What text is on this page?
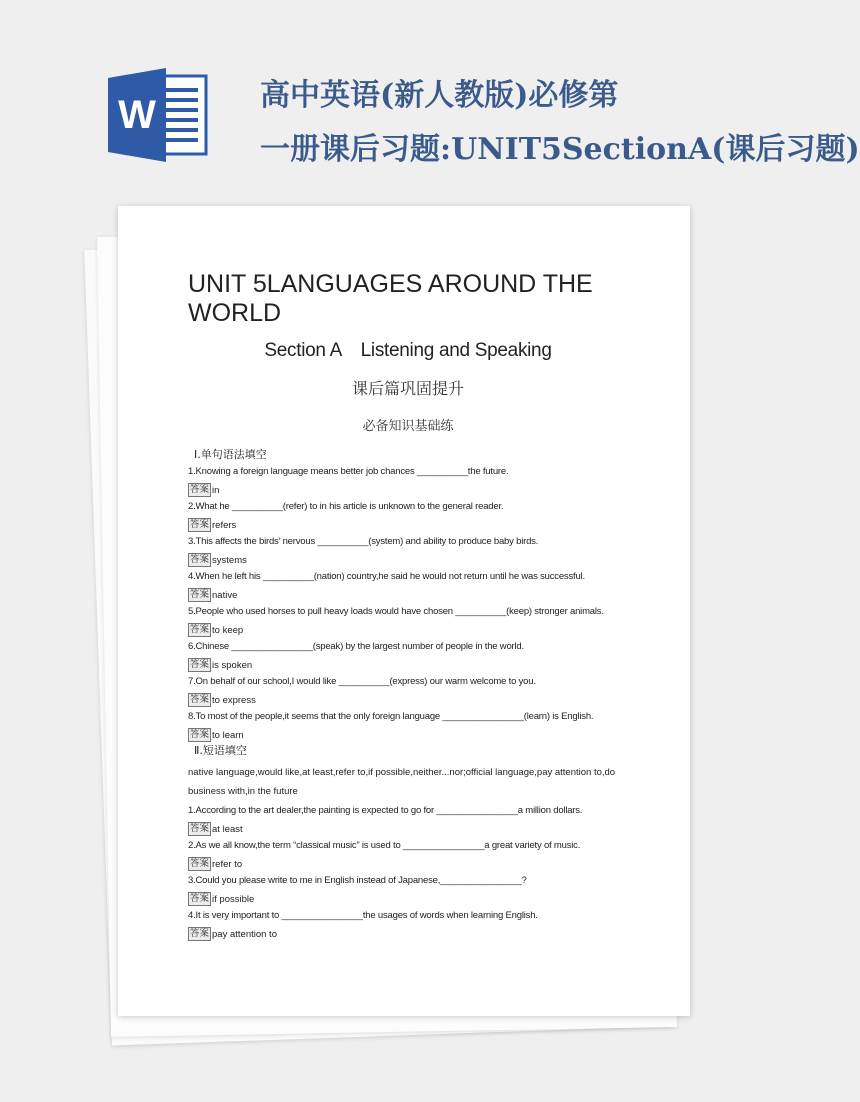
W	高中英语(新人教版)必修第
一册课后习题:UNIT5SectionA(课后习题)
UNIT 5LANGUAGES AROUND THE WORLD
Section A Listening and Speaking
课后篇巩固提升
必备知识基础练
Ⅰ.单句语法填空
1.Knowing a foreign language means better job chances __________the future.
答案 in
2.What he __________(refer) to in his article is unknown to the general reader.
答案 refers
3.This affects the birds’ nervous __________(system) and ability to produce baby birds.
答案 systems
4.When he left his __________(nation) country,he said he would not return until he was successful.
答案 native
5.People who used horses to pull heavy loads would have chosen __________(keep) stronger animals.
答案 to keep
6.Chinese ________________(speak) by the largest number of people in the world.
答案 is spoken
7.On behalf of our school,I would like __________(express) our warm welcome to you.
答案 to express
8.To most of the people,it seems that the only foreign language ________________(learn) is English.
答案 to learn
Ⅱ.短语填空
native language,would like,at least,refer to,if possible,neither...nor;official language,pay attention to,do business with,in the future
1.According to the art dealer,the painting is expected to go for ________________a million dollars.
答案 at least
2.As we all know,the term “classical music” is used to ________________a great variety of music.
答案 refer to
3.Could you please write to me in English instead of Japanese,________________?
答案 if possible
4.It is very important to ________________the usages of words when learning English.
答案 pay attention to
